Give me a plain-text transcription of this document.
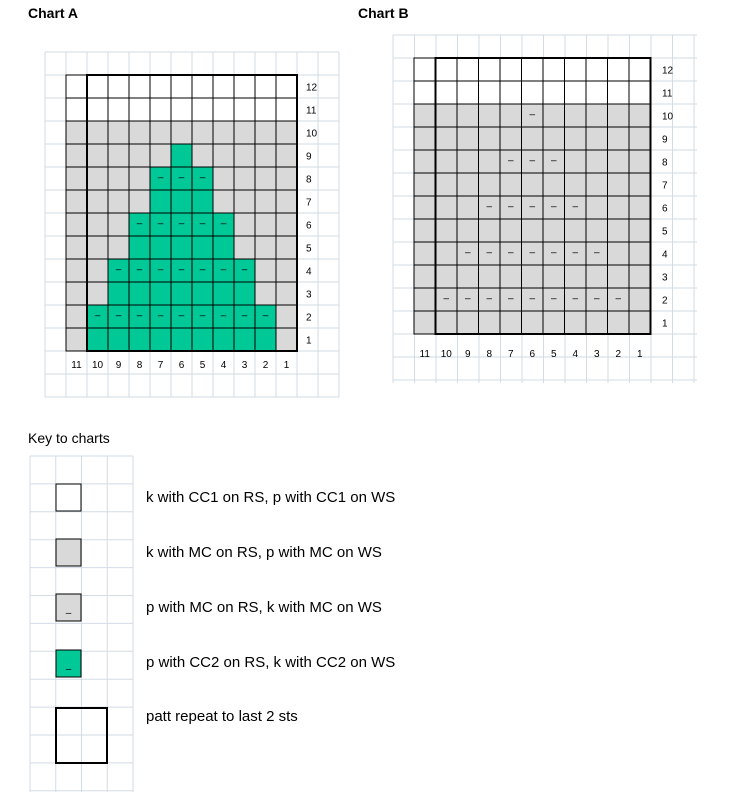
Chart A	Chart B
1
2
3
4
5
6
7
8
9
10
11
12
11 10 9 8 7 6 5 4 3 2 1
– – –
– – – – –
– – – – – – –
– – – – – – – – –
1
2
3
4
5
6
7
8
9
10
11
12
11 10 9 8 7 6 5 4 3 2 1
–
–
–
–
–
–
–
–
–
–
–
–
–
–
–
–
–
–
–
–
–
–
–
–
–
–
–
Key to charts
k with CC1 on RS, p with CC1 on WS
k with MC on RS, p with MC on WS
p with MC on RS, k with MC on WS
p with CC2 on RS, k with CC2 on WS
patt repeat to last 2 sts
